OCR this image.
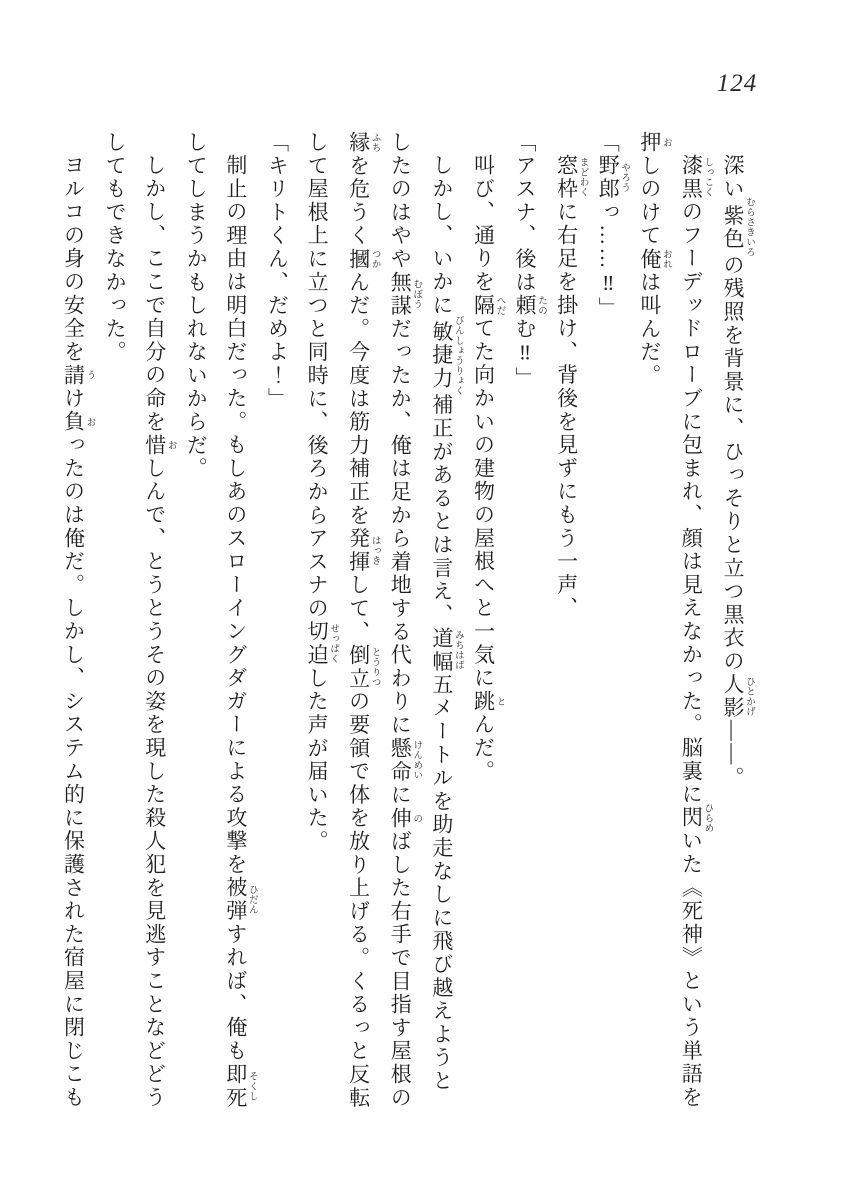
124
深い紫色 むらさきいろの残照を背景に、ひっそりと立つ黒衣の人影 ひとかげ――。
漆黒 しっこくのフーデッドローブに包まれ、顔は見えなかった。脳裏に閃 ひらめいた《死神》という単語を
押 おしのけて俺 おれは叫んだ。
「野郎 やろうっ……‼」
窓枠 まどわくに右足を掛け、背後を見ずにもう一声、
「アスナ、後は頼 たのむ‼」
叫び、通りを隔 へだてた向かいの建物の屋根へと一気に跳 とんだ。
しかし、いかに敏捷力 びんしょうりょく補正があるとは言え、道幅 みちはば五メートルを助走なしに飛び越えようと
したのはやや無謀 むぼうだったか、俺は足から着地する代わりに懸命 けんめいに伸 のばした右手で目指す屋根の
縁 ふちを危うく摑 つかんだ。今度は筋力補正を発揮 はっきして、倒立 とうりつの要領で体を放り上げる。くるっと反転
して屋根上に立つと同時に、後ろからアスナの切迫 せっぱくした声が届いた。
「キリトくん、だめよ！」
制止の理由は明白だった。もしあのスローイングダガーによる攻撃を被弾 ひだんすれば、俺も即死 そくし
してしまうかもしれないからだ。
しかし、ここで自分の命を惜 おしんで、とうとうその姿を現した殺人犯を見逃すことなどどう
してもできなかった。
ヨルコの身の安全を請 うけ負 おったのは俺だ。しかし、システム的に保護された宿屋に閉じこも
